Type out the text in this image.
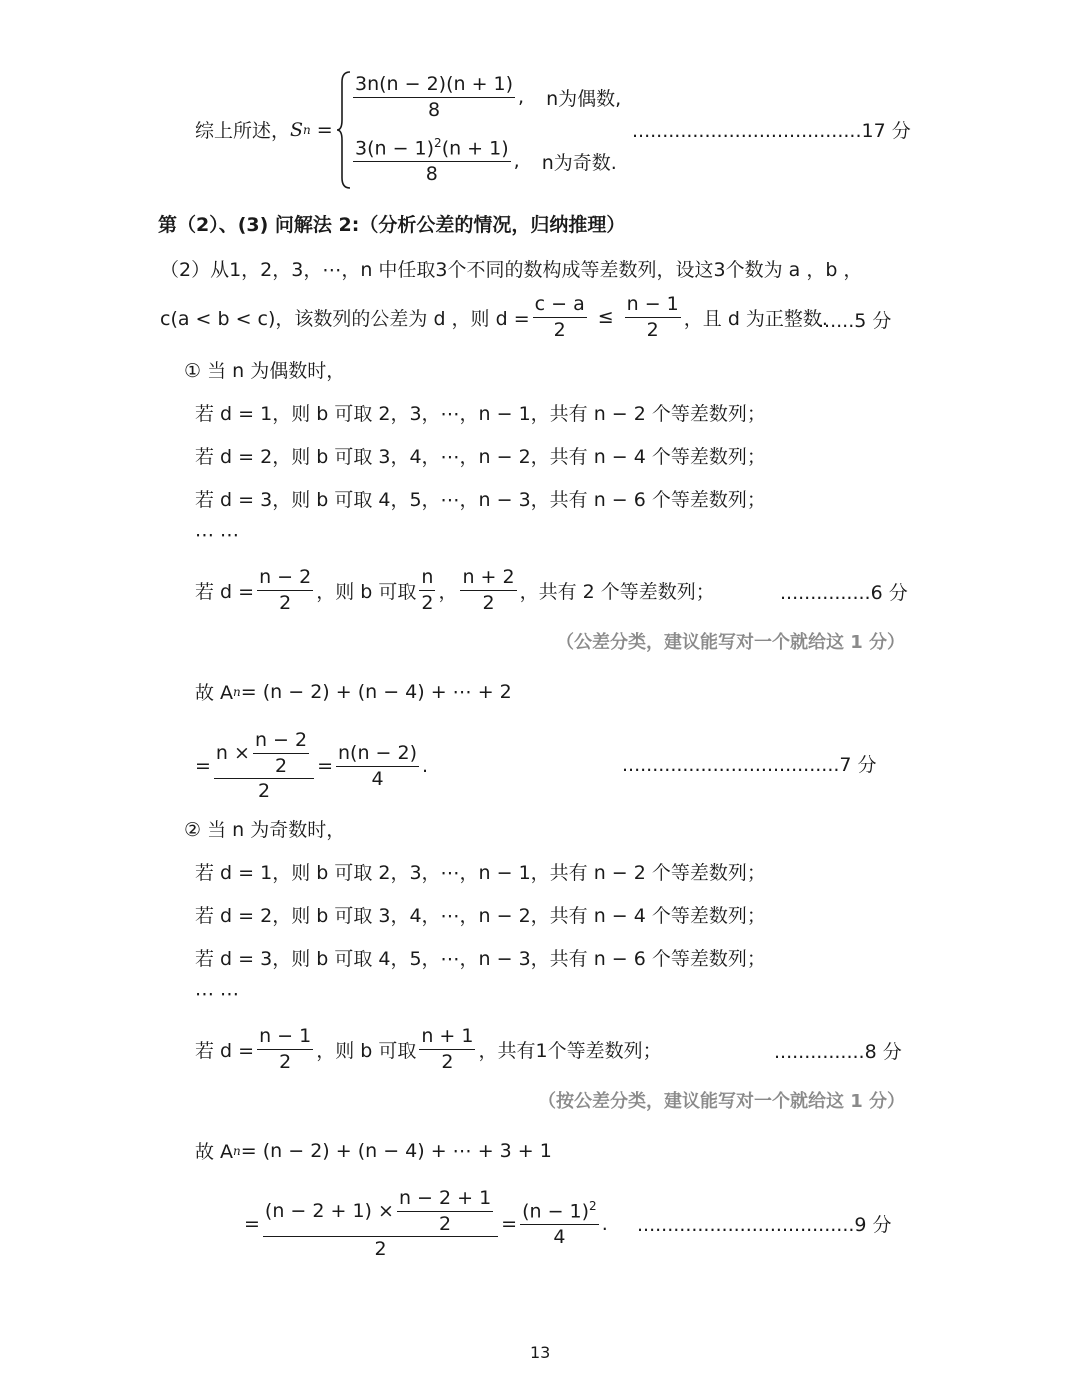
综上所述， S n =
$\frac{3n(n - 2)(n + 1)}{8}$ , n为偶数,
$\frac{3(n - 1)^2(n + 1)}{8}$ , n为奇数.
......................................17 分
第（2）、(3) 问解法 2:（分析公差的情况，归纳推理）
（2）从1，2，3，⋯，n 中任取3个不同的数构成等差数列，设这3个数为 a ，b ，
c(a < b < c)，该数列的公差为 d ，则 $d = \frac{c - a}{2} \le \frac{n - 1}{2}$ ，且 d 为正整数.
......5 分
① 当 n 为偶数时，
若 d = 1，则 b 可取 2，3，⋯，n − 1，共有 n − 2 个等差数列；
若 d = 2，则 b 可取 3，4，⋯，n − 2，共有 n − 4 个等差数列；
若 d = 3，则 b 可取 4，5，⋯，n − 3，共有 n − 6 个等差数列；
⋯ ⋯
若 $d = \frac{n - 2}{2}$ ，则 b 可取 $\frac{n}{2}$ ， $\frac{n + 2}{2}$ ，共有 2 个等差数列；	...............6 分
（公差分类，建议能写对一个就给这 1 分）
故 A n = (n − 2) + (n − 4) + ⋯ + 2
= $\frac{n \times \frac{n - 2}{2}}{2} = \frac{n(n - 2)}{4}$ .	....................................7 分
② 当 n 为奇数时，
若 d = 1，则 b 可取 2，3，⋯，n − 1，共有 n − 2 个等差数列；
若 d = 2，则 b 可取 3，4，⋯，n − 2，共有 n − 4 个等差数列；
若 d = 3，则 b 可取 4，5，⋯，n − 3，共有 n − 6 个等差数列；
⋯ ⋯
若 $d = \frac{n - 1}{2}$ ，则 b 可取 $\frac{n + 1}{2}$ ，共有1个等差数列；	...............8 分
（按公差分类，建议能写对一个就给这 1 分）
故 A n = (n − 2) + (n − 4) + ⋯ + 3 + 1
= $\frac{(n - 2 + 1) \times \frac{n - 2 + 1}{2}}{2} = \frac{(n - 1)^2}{4}$ . ....................................9 分
13
